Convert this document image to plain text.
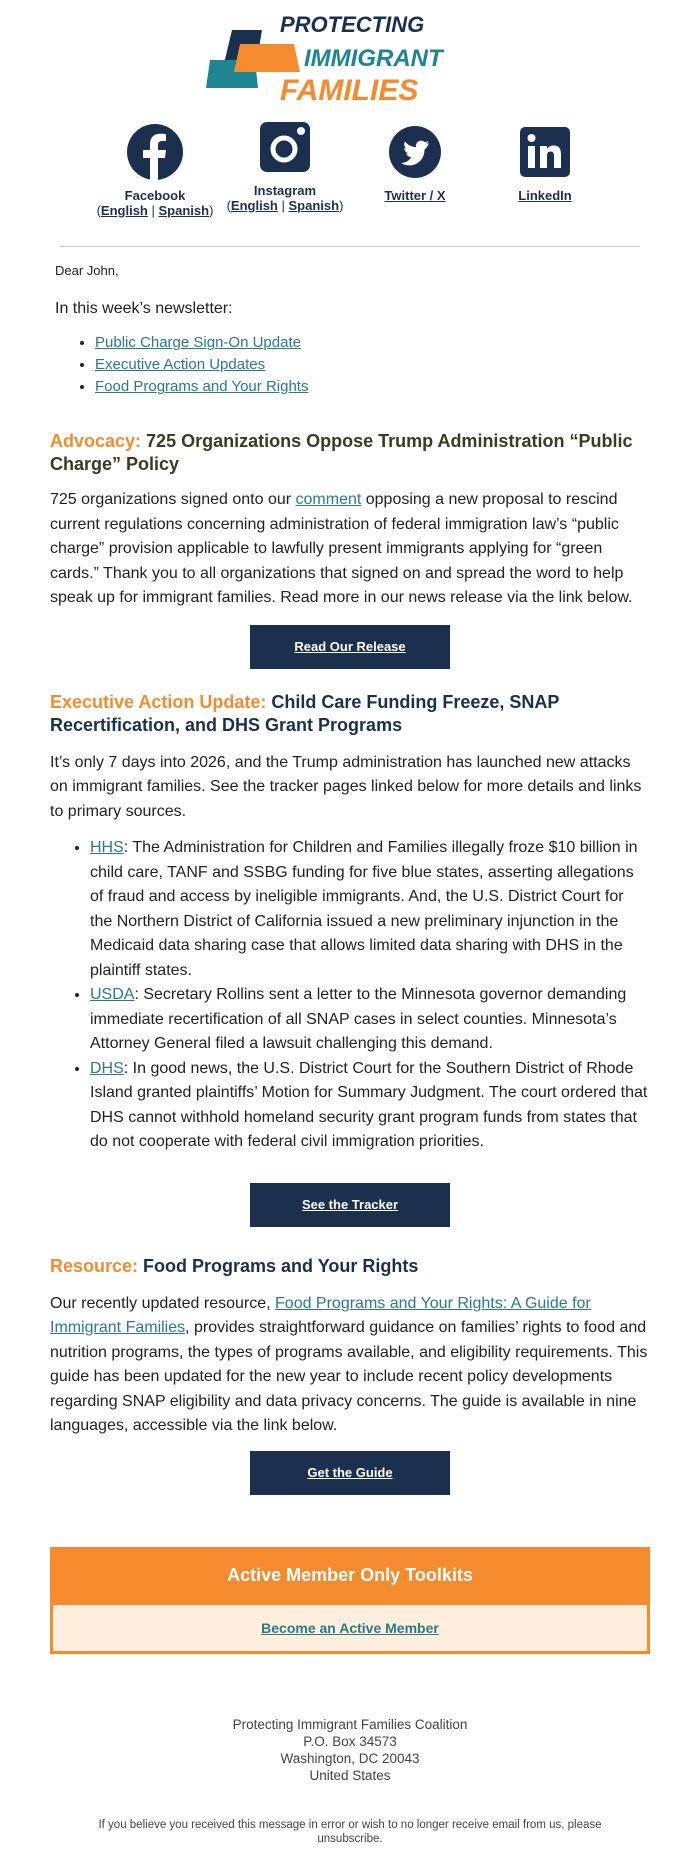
PROTECTING
IMMIGRANT
FAMILIES
Facebook
(English | Spanish)
Instagram
(English | Spanish)
Twitter / X	LinkedIn
Dear John,
In this week’s newsletter:
• Public Charge Sign-On Update
• Executive Action Updates
• Food Programs and Your Rights
Advocacy: 725 Organizations Oppose Trump Administration “Public Charge” Policy

725 organizations signed onto our comment opposing a new proposal to rescind current regulations concerning administration of federal immigration law’s “public charge” provision applicable to lawfully present immigrants applying for “green cards.” Thank you to all organizations that signed on and spread the word to help speak up for immigrant families. Read more in our news release via the link below.

Read Our Release
Executive Action Update: Child Care Funding Freeze, SNAP Recertification, and DHS Grant Programs

It’s only 7 days into 2026, and the Trump administration has launched new attacks on immigrant families. See the tracker pages linked below for more details and links to primary sources.

• HHS: The Administration for Children and Families illegally froze $10 billion in child care, TANF and SSBG funding for five blue states, asserting allegations of fraud and access by ineligible immigrants. And, the U.S. District Court for the Northern District of California issued a new preliminary injunction in the Medicaid data sharing case that allows limited data sharing with DHS in the plaintiff states.
• USDA: Secretary Rollins sent a letter to the Minnesota governor demanding immediate recertification of all SNAP cases in select counties. Minnesota’s Attorney General filed a lawsuit challenging this demand.
• DHS: In good news, the U.S. District Court for the Southern District of Rhode Island granted plaintiffs’ Motion for Summary Judgment. The court ordered that DHS cannot withhold homeland security grant program funds from states that do not cooperate with federal civil immigration priorities.
See the Tracker
Resource: Food Programs and Your Rights

Our recently updated resource, Food Programs and Your Rights: A Guide for Immigrant Families, provides straightforward guidance on families’ rights to food and nutrition programs, the types of programs available, and eligibility requirements. This guide has been updated for the new year to include recent policy developments regarding SNAP eligibility and data privacy concerns. The guide is available in nine languages, accessible via the link below.

Get the Guide
Active Member Only Toolkits
Become an Active Member
Protecting Immigrant Families Coalition
P.O. Box 34573
Washington, DC 20043
United States
If you believe you received this message in error or wish to no longer receive email from us, please unsubscribe.
